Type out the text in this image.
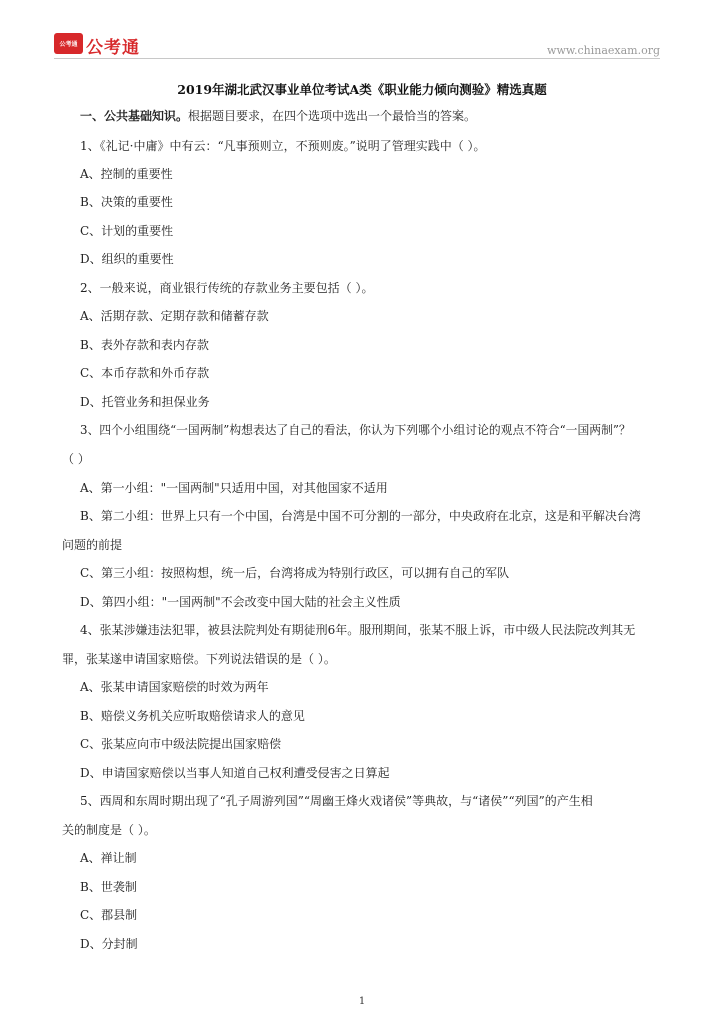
公考通 公考通	www.chinaexam.org
2019年湖北武汉事业单位考试A类《职业能力倾向测验》精选真题
一、公共基础知识。根据题目要求，在四个选项中选出一个最恰当的答案。
1、《礼记·中庸》中有云：“凡事预则立，不预则废。”说明了管理实践中（ ）。
A、控制的重要性
B、决策的重要性
C、计划的重要性
D、组织的重要性
2、一般来说，商业银行传统的存款业务主要包括（ ）。
A、活期存款、定期存款和储蓄存款
B、表外存款和表内存款
C、本币存款和外币存款
D、托管业务和担保业务
3、四个小组围绕“一国两制”构想表达了自己的看法，你认为下列哪个小组讨论的观点不符合“一国两制”？
（ ）
A、第一小组："一国两制"只适用中国，对其他国家不适用
B、第二小组：世界上只有一个中国，台湾是中国不可分割的一部分，中央政府在北京，这是和平解决台湾
问题的前提
C、第三小组：按照构想，统一后，台湾将成为特别行政区，可以拥有自己的军队
D、第四小组："一国两制"不会改变中国大陆的社会主义性质
4、张某涉嫌违法犯罪，被县法院判处有期徒刑6年。服刑期间，张某不服上诉，市中级人民法院改判其无
罪，张某遂申请国家赔偿。下列说法错误的是（ ）。
A、张某申请国家赔偿的时效为两年
B、赔偿义务机关应听取赔偿请求人的意见
C、张某应向市中级法院提出国家赔偿
D、申请国家赔偿以当事人知道自己权利遭受侵害之日算起
5、西周和东周时期出现了“孔子周游列国”“周幽王烽火戏诸侯”等典故，与“诸侯”“列国”的产生相
关的制度是（ ）。
A、禅让制
B、世袭制
C、郡县制
D、分封制
1
